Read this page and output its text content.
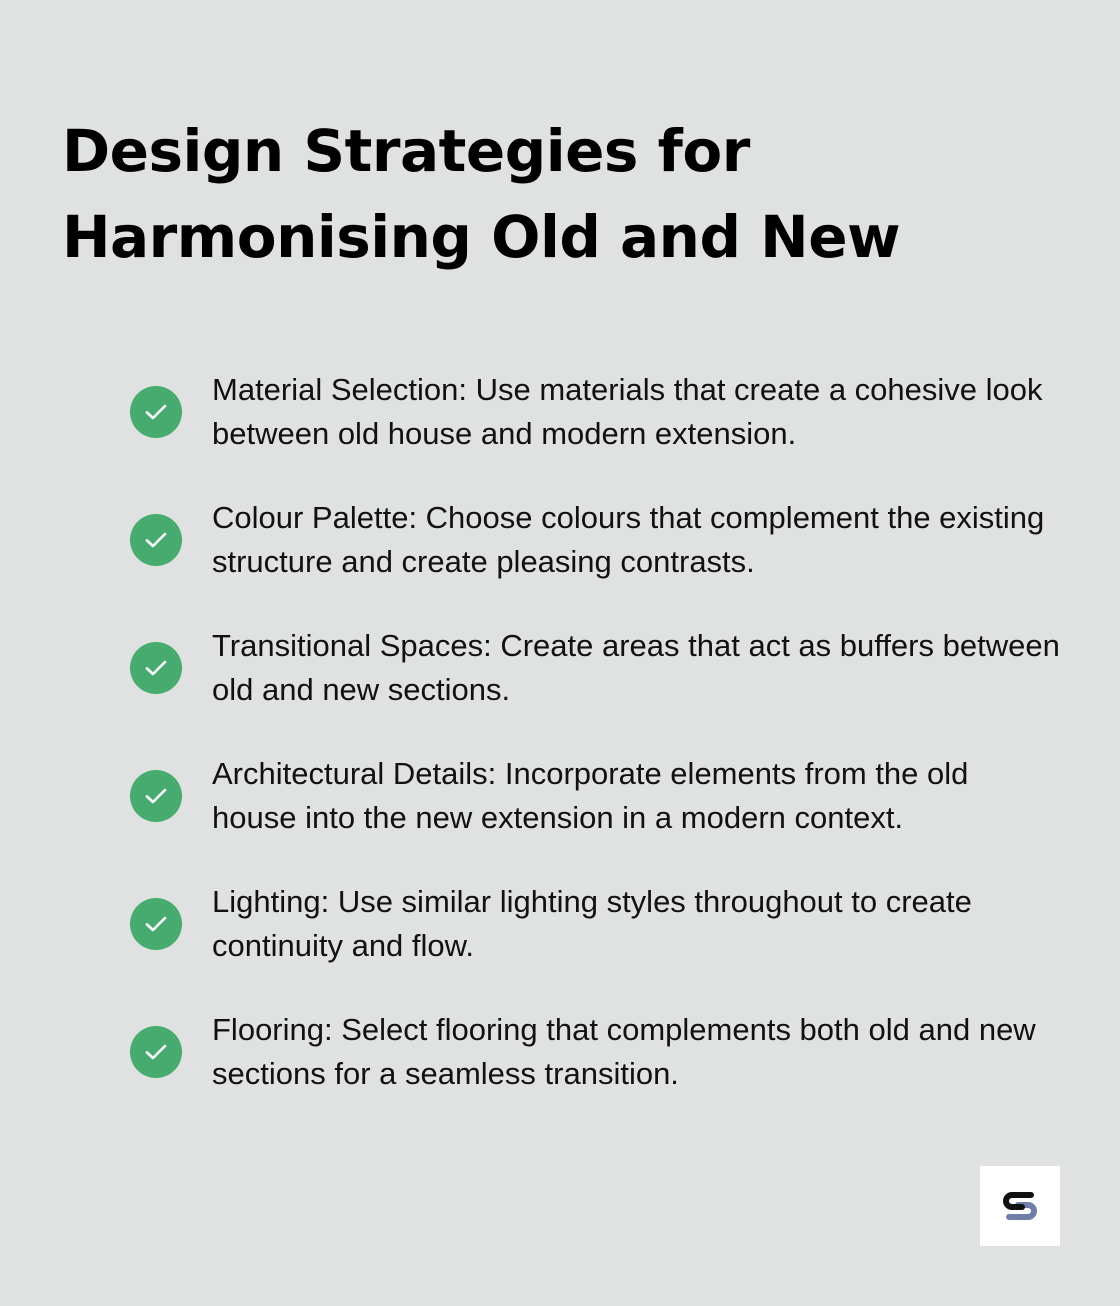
Design Strategies for
Harmonising Old and New
Material Selection: Use materials that create a cohesive look between old house and modern extension.
Colour Palette: Choose colours that complement the existing structure and create pleasing contrasts.
Transitional Spaces: Create areas that act as buffers between old and new sections.
Architectural Details: Incorporate elements from the old house into the new extension in a modern context.
Lighting: Use similar lighting styles throughout to create continuity and flow.
Flooring: Select flooring that complements both old and new sections for a seamless transition.
